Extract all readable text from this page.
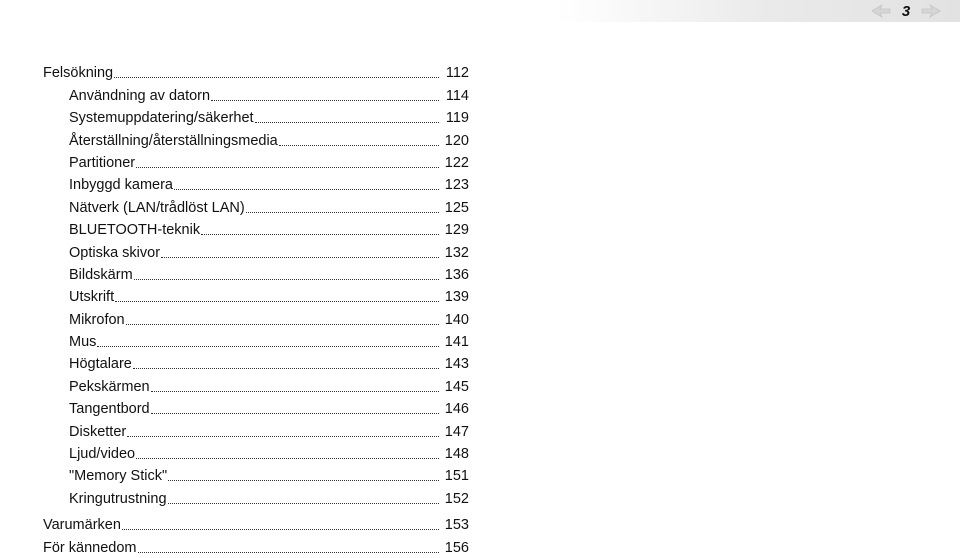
3
Felsökning	112
Användning av datorn	114
Systemuppdatering/säkerhet	119
Återställning/återställningsmedia	120
Partitioner	122
Inbyggd kamera	123
Nätverk (LAN/trådlöst LAN)	125
BLUETOOTH-teknik	129
Optiska skivor	132
Bildskärm	136
Utskrift	139
Mikrofon	140
Mus	141
Högtalare	143
Pekskärmen	145
Tangentbord	146
Disketter	147
Ljud/video	148
"Memory Stick"	151
Kringutrustning	152
Varumärken	153
För kännedom	156
